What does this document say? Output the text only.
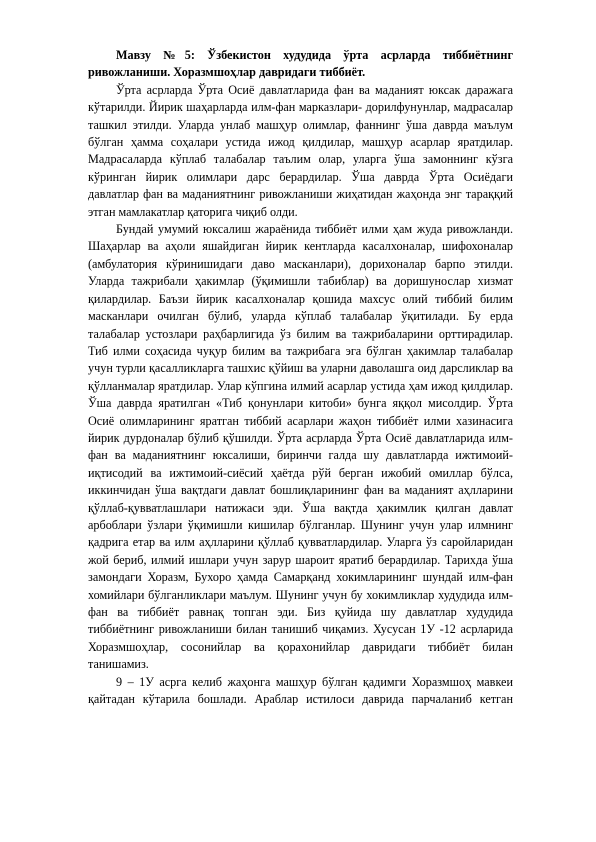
Мавзу №5: Ўзбекистон худудида ўрта асрларда тиббиётнинг ривожланиши. Хоразмшоҳлар давридаги тиббиёт.

Ўрта асрларда Ўрта Осиё давлатларида фан ва маданият юксак даражага кўтарилди. Йирик шаҳарларда илм-фан марказлари- дорилфунунлар, мадрасалар ташкил этилди. Уларда унлаб машҳур олимлар, фаннинг ўша даврда маълум бўлган ҳамма соҳалари устида ижод қилдилар, машҳур асарлар яратдилар. Мадрасаларда кўплаб талабалар таълим олар, уларга ўша замоннинг кўзга кўринган йирик олимлари дарс берардилар. Ўша даврда Ўрта Осиёдаги давлатлар фан ва маданиятнинг ривожланиши жиҳатидан жаҳонда энг тараққий этган мамлакатлар қаторига чиқиб олди.

Бундай умумий юксалиш жараёнида тиббиёт илми ҳам жуда ривожланди. Шаҳарлар ва аҳоли яшайдиган йирик кентларда касалхоналар, шифохоналар (амбулатория кўринишидаги даво масканлари), дорихоналар барпо этилди. Уларда тажрибали ҳакимлар (ўқимишли табиблар) ва доришунослар хизмат қилардилар. Баъзи йирик касалхоналар қошида махсус олий тиббий билим масканлари очилган бўлиб, уларда кўплаб талабалар ўқитилади. Бу ерда талабалар устозлари раҳбарлигида ўз билим ва тажрибаларини орттирадилар. Тиб илми соҳасида чуқур билим ва тажрибага эга бўлган ҳакимлар талабалар учун турли қасалликларга ташхис қўйиш ва уларни даволашга оид дарсликлар ва қўлланмалар яратдилар. Улар кўпгина илмий асарлар устида ҳам ижод қилдилар. Ўша даврда яратилган «Тиб қонунлари китоби» бунга яққол мисолдир. Ўрта Осиё олимларининг яратган тиббий асарлари жаҳон тиббиёт илми хазинасига йирик дурдоналар бўлиб қўшилди. Ўрта асрларда Ўрта Осиё давлатларида илм-фан ва маданиятнинг юксалиши, биринчи галда шу давлатларда ижтимоий-иқтисодий ва ижтимоий-сиёсий ҳаётда рўй берган ижобий омиллар бўлса, иккинчидан ўша вақтдаги давлат бошлиқларининг фан ва маданият аҳлларини қўллаб-қувватлашлари натижаси эди. Ўша вақтда ҳакимлик қилган давлат арбоблари ўзлари ўқимишли кишилар бўлганлар. Шунинг учун улар илмнинг қадрига етар ва илм аҳлларини қўллаб қувватлардилар. Уларга ўз саройларидан жой бериб, илмий ишлари учун зарур шароит яратиб берардилар. Тарихда ўша замондаги Хоразм, Бухоро ҳамда Самарқанд хокимларининг шундай илм-фан хомийлари бўлганликлари маълум. Шунинг учун бу хокимликлар худудида илм-фан ва тиббиёт равнақ топган эди. Биз қуйида шу давлатлар худудида тиббиётнинг ривожланиши билан танишиб чиқамиз. Хусусан 1У -12 асрларида Хоразмшоҳлар, сосонийлар ва қорахонийлар давридаги тиббиёт билан танишамиз.

9 – 1У асрга келиб жаҳонга машҳур бўлган қадимги Хоразмшоҳ мавкеи қайтадан кўтарила бошлади. Араблар истилоси даврида парчаланиб кетган
